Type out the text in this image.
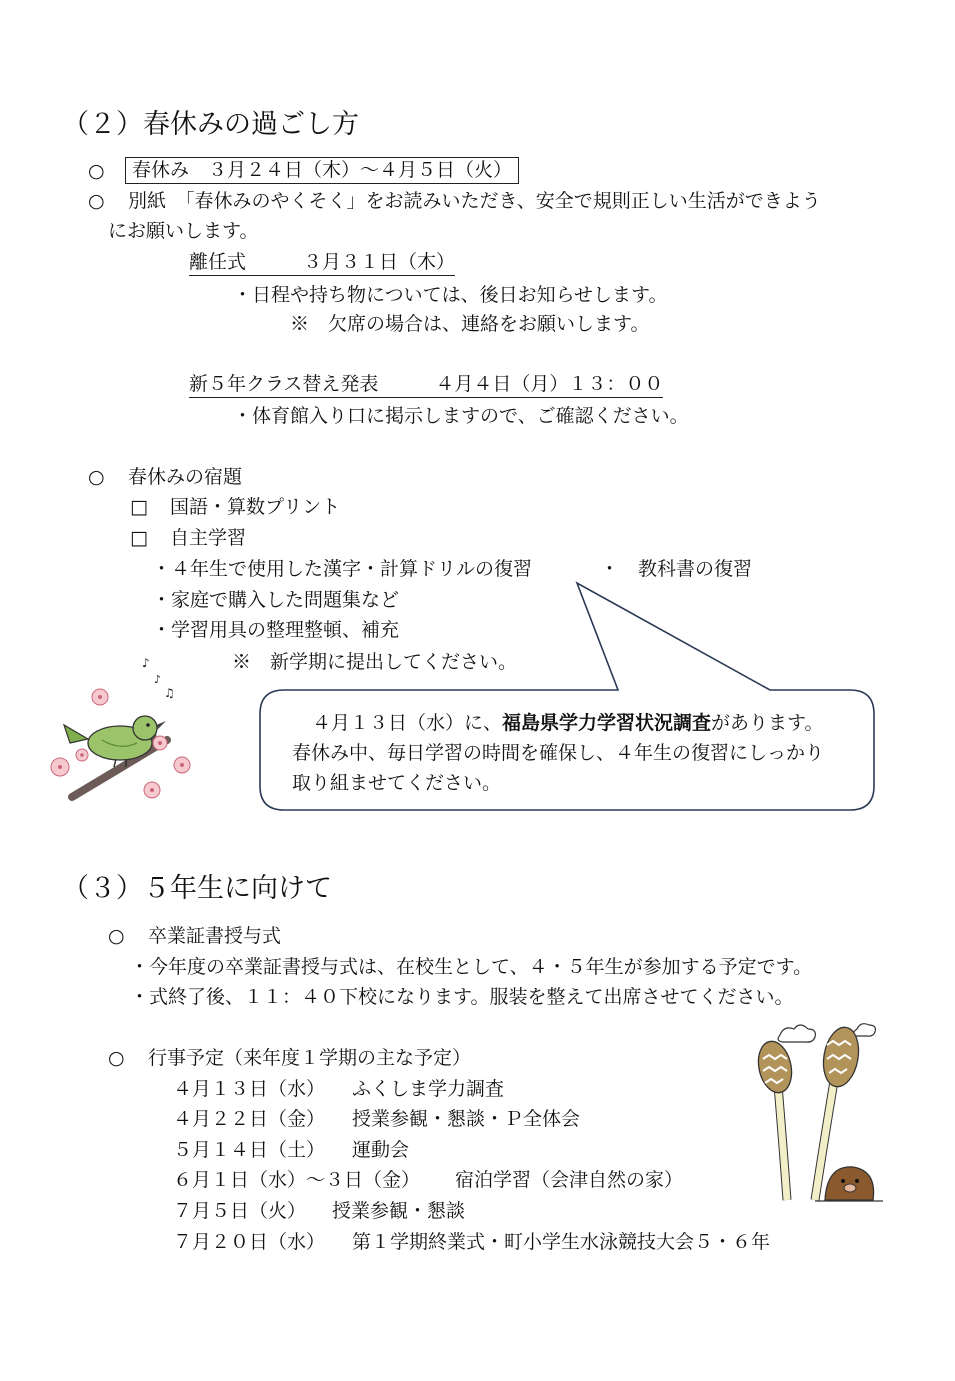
（２）春休みの過ごし方
○	春休み　３月２４日（木）～４月５日（火）
○ 別紙　「春休みのやくそく」をお読みいただき、安全で規則正しい生活ができよう
にお願いします。
離任式　　　３月３１日（木）
・日程や持ち物については、後日お知らせします。
※　欠席の場合は、連絡をお願いします。
新５年クラス替え発表　　　４月４日（月）１３：００
・体育館入り口に掲示しますので、ご確認ください。
○ 春休みの宿題
□ 国語・算数プリント
□ 自主学習
・４年生で使用した漢字・計算ドリルの復習	・　教科書の復習
・家庭で購入した問題集など
・学習用具の整理整頓、補充
※　新学期に提出してください。
４月１３日（水）に、福島県学力学習状況調査があります。
春休み中、毎日学習の時間を確保し、４年生の復習にしっかり
取り組ませてください。
♪
♪
♫
（３）５年生に向けて
○ 卒業証書授与式
・今年度の卒業証書授与式は、在校生として、４・５年生が参加する予定です。
・式終了後、１１：４０下校になります。服装を整えて出席させてください。
○ 行事予定（来年度１学期の主な予定）
４月１３日（水） ふくしま学力調査
４月２２日（金） 授業参観・懇談・Ｐ全体会
５月１４日（土） 運動会
６月１日（水）～３日（金） 宿泊学習（会津自然の家）
７月５日（火） 授業参観・懇談
７月２０日（水） 第１学期終業式・町小学生水泳競技大会５・６年
